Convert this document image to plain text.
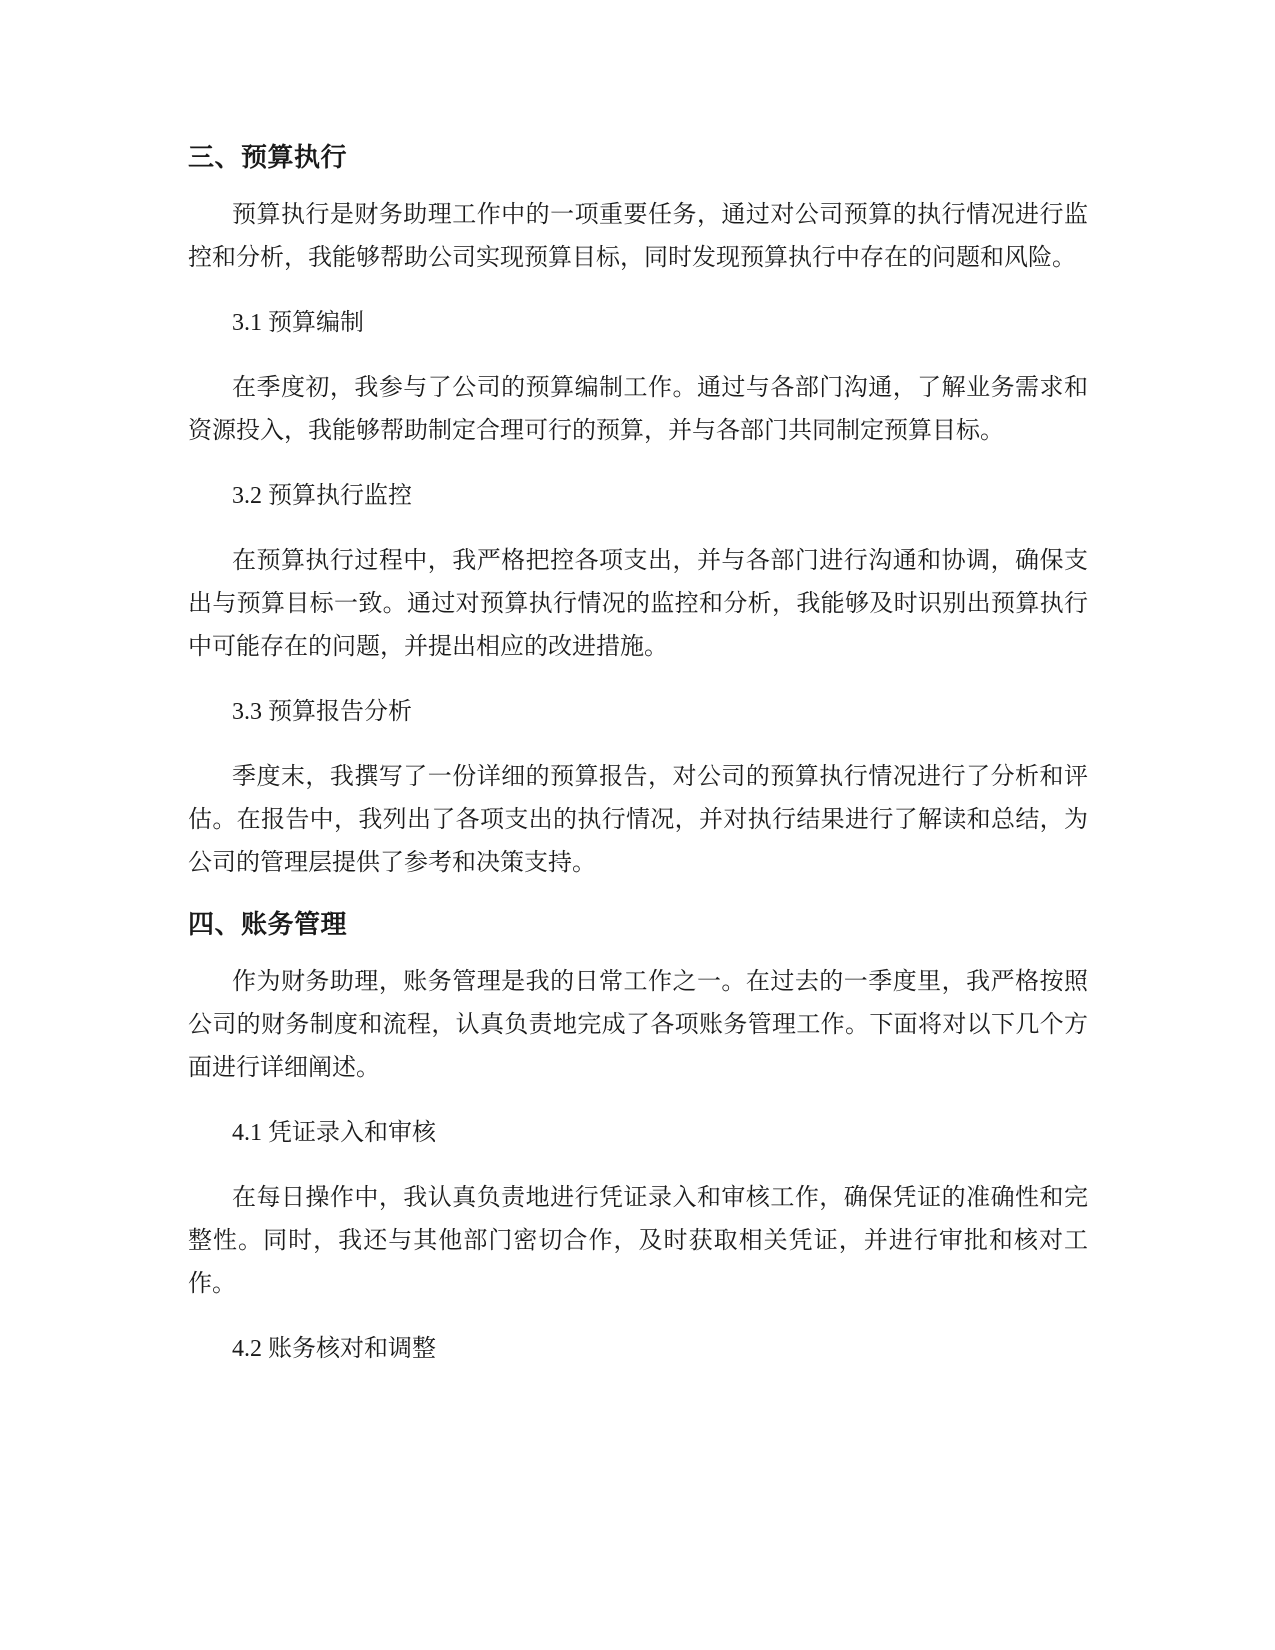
三、预算执行

预算执行是财务助理工作中的一项重要任务，通过对公司预算的执行情况进行监控和分析，我能够帮助公司实现预算目标，同时发现预算执行中存在的问题和风险。

3.1 预算编制

在季度初，我参与了公司的预算编制工作。通过与各部门沟通，了解业务需求和资源投入，我能够帮助制定合理可行的预算，并与各部门共同制定预算目标。

3.2 预算执行监控

在预算执行过程中，我严格把控各项支出，并与各部门进行沟通和协调，确保支出与预算目标一致。通过对预算执行情况的监控和分析，我能够及时识别出预算执行中可能存在的问题，并提出相应的改进措施。

3.3 预算报告分析

季度末，我撰写了一份详细的预算报告，对公司的预算执行情况进行了分析和评估。在报告中，我列出了各项支出的执行情况，并对执行结果进行了解读和总结，为公司的管理层提供了参考和决策支持。

四、账务管理

作为财务助理，账务管理是我的日常工作之一。在过去的一季度里，我严格按照公司的财务制度和流程，认真负责地完成了各项账务管理工作。下面将对以下几个方面进行详细阐述。

4.1 凭证录入和审核

在每日操作中，我认真负责地进行凭证录入和审核工作，确保凭证的准确性和完整性。同时，我还与其他部门密切合作，及时获取相关凭证，并进行审批和核对工作。

4.2 账务核对和调整
